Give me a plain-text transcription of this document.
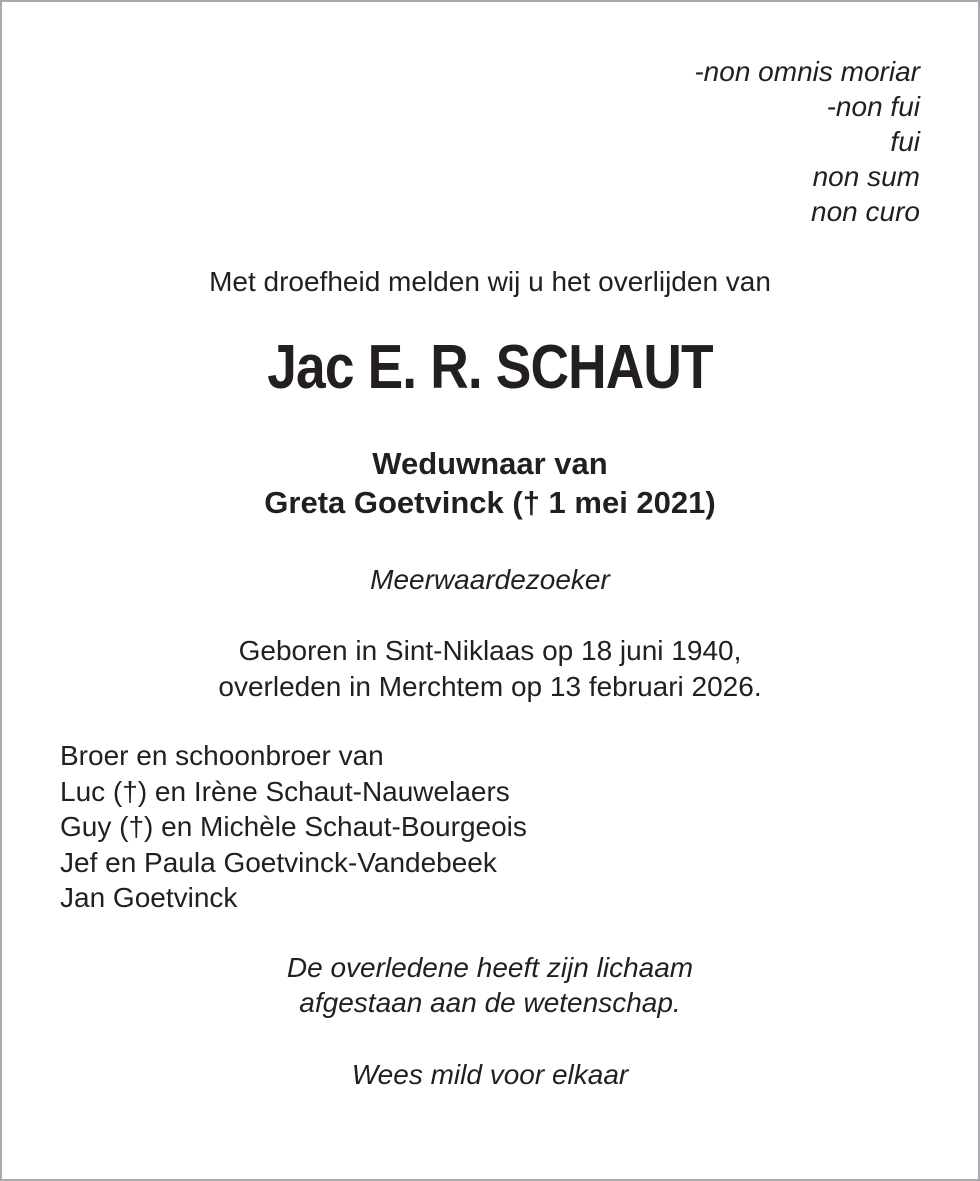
-non omnis moriar
-non fui
fui
non sum
non curo
Met droefheid melden wij u het overlijden van
Jac E. R. SCHAUT
Weduwnaar van
Greta Goetvinck († 1 mei 2021)
Meerwaardezoeker
Geboren in Sint-Niklaas op 18 juni 1940,
overleden in Merchtem op 13 februari 2026.
Broer en schoonbroer van
Luc (†) en Irène Schaut-Nauwelaers
Guy (†) en Michèle Schaut-Bourgeois
Jef en Paula Goetvinck-Vandebeek
Jan Goetvinck
De overledene heeft zijn lichaam
afgestaan aan de wetenschap.
Wees mild voor elkaar
